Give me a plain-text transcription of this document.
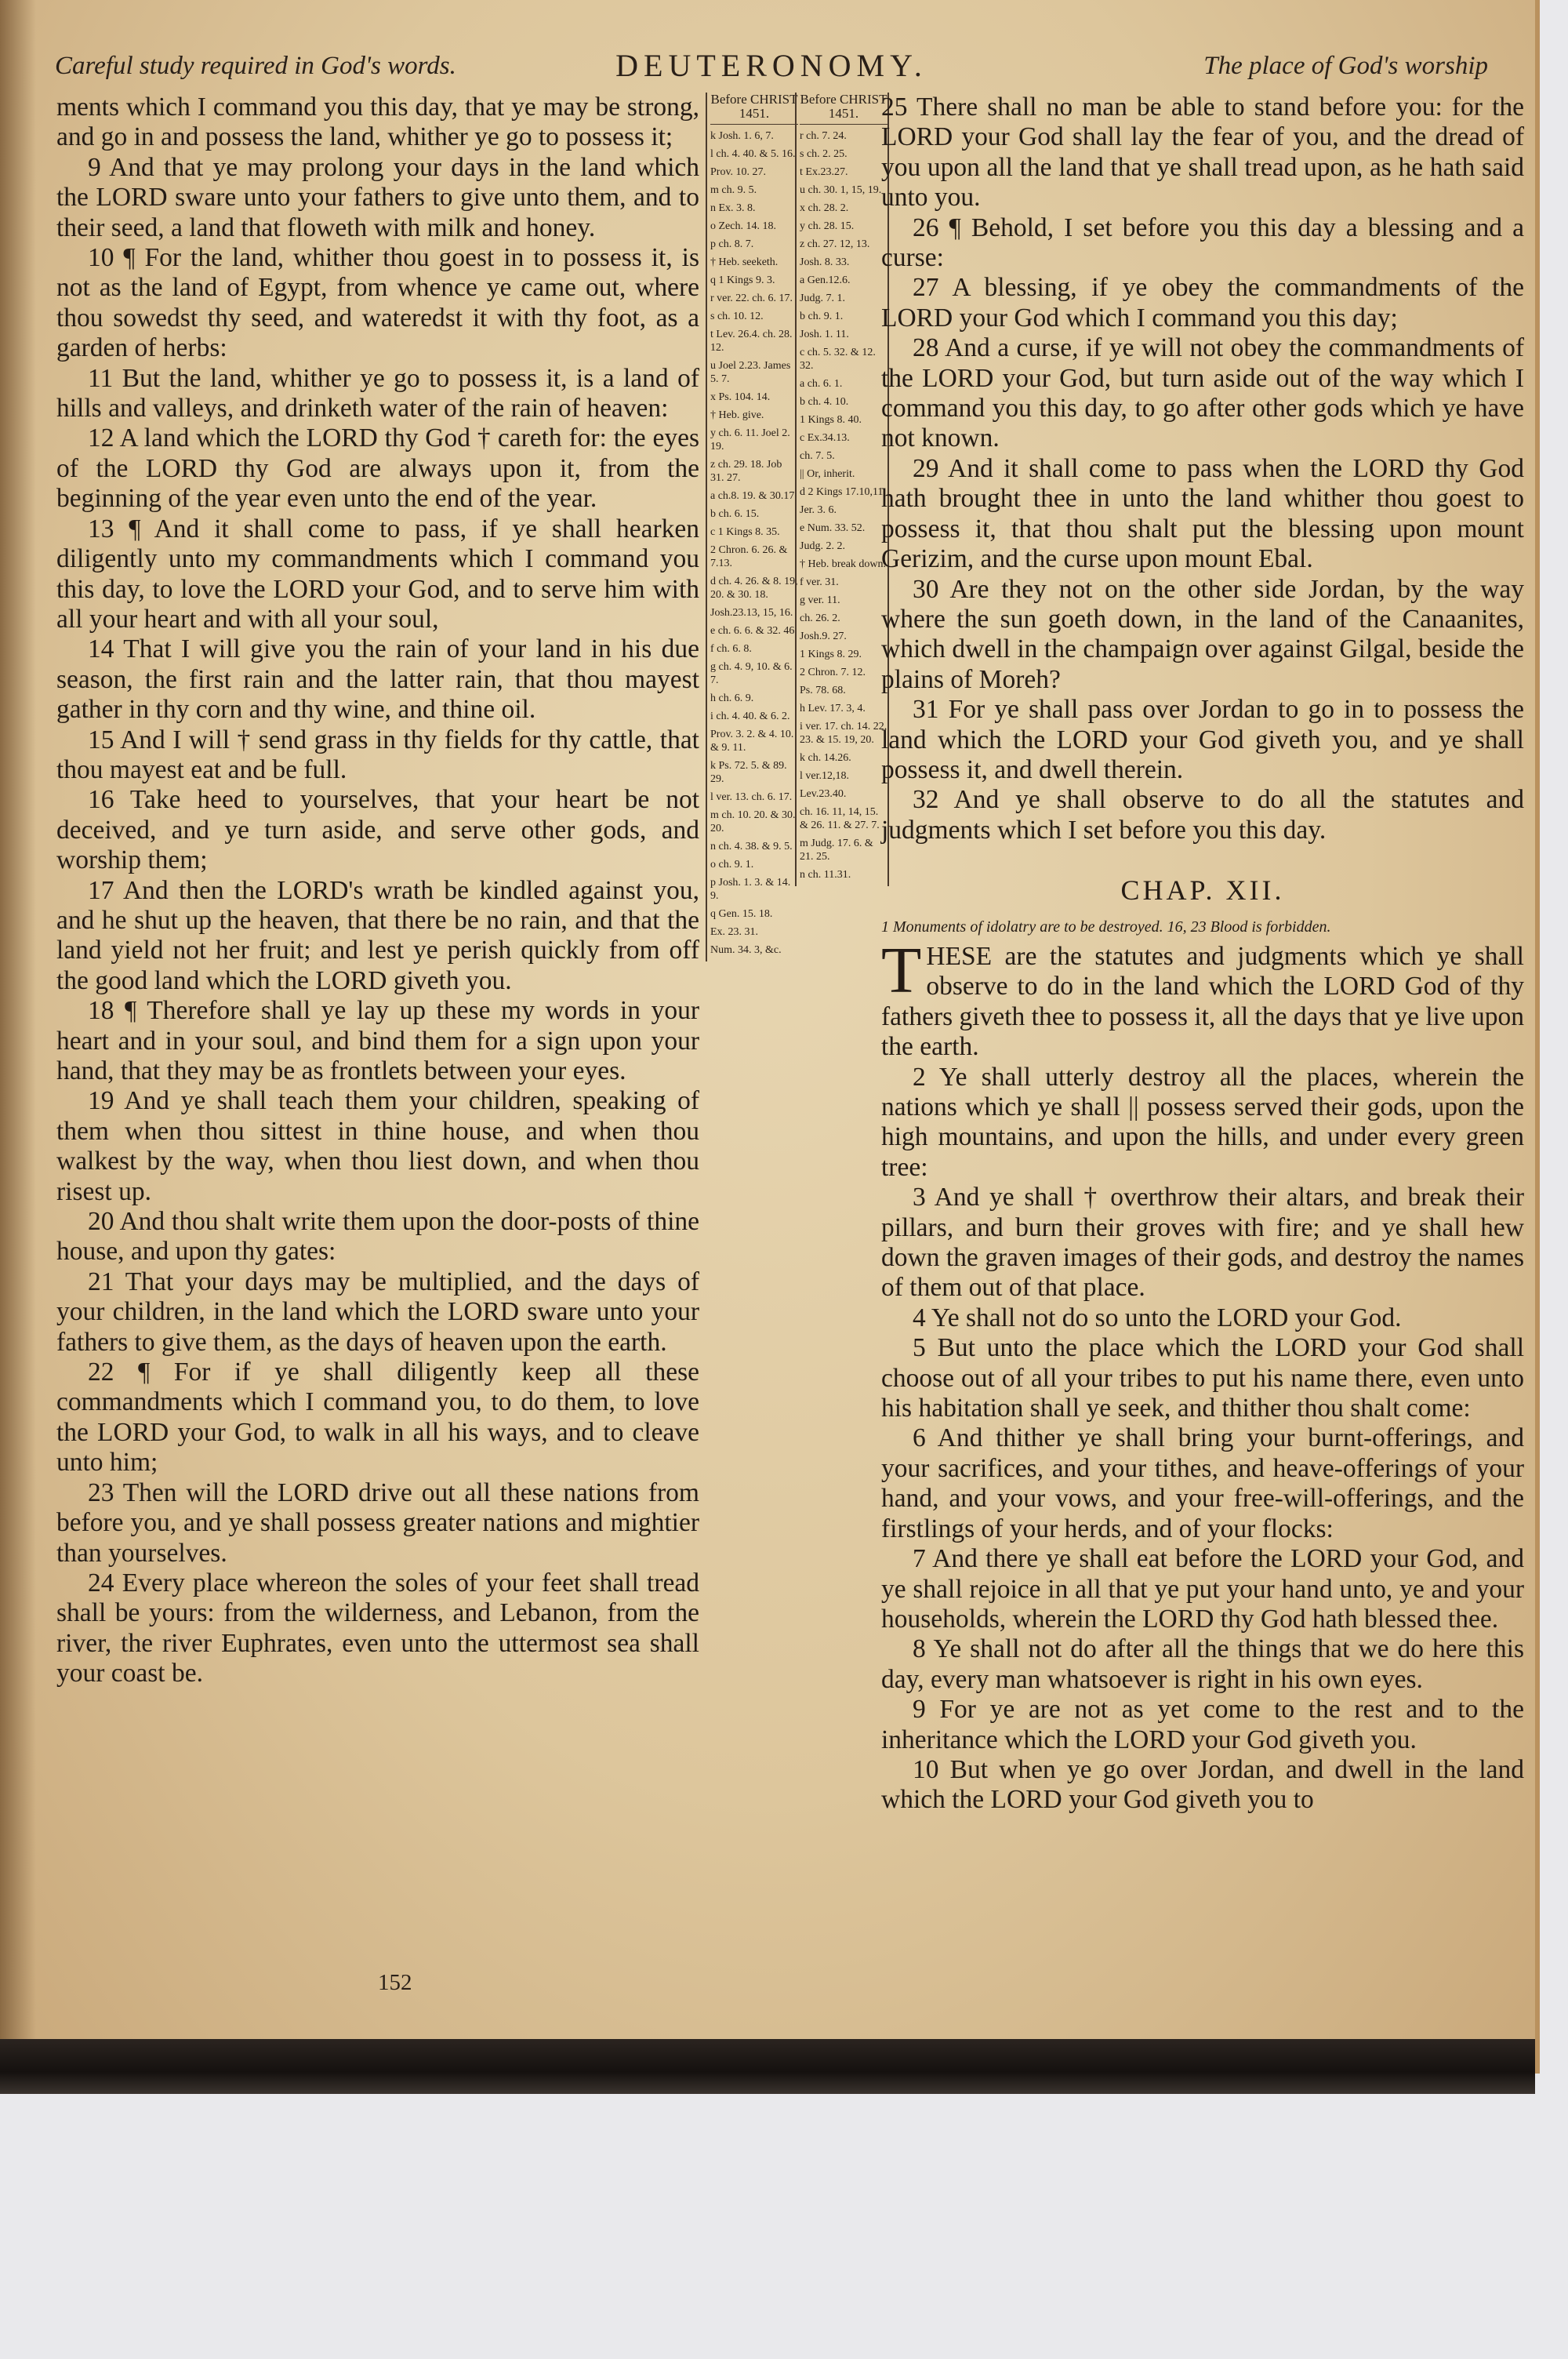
Careful study required in God's words.	DEUTERONOMY.	The place of God's worship

ments which I command you this day, that ye may be strong, and go in and possess the land, whither ye go to possess it;

9 And that ye may prolong your days in the land which the LORD sware unto your fathers to give unto them, and to their seed, a land that floweth with milk and honey.

10 ¶ For the land, whither thou goest in to possess it, is not as the land of Egypt, from whence ye came out, where thou sowedst thy seed, and wateredst it with thy foot, as a garden of herbs:

11 But the land, whither ye go to possess it, is a land of hills and valleys, and drinketh water of the rain of heaven:

12 A land which the LORD thy God † careth for: the eyes of the LORD thy God are always upon it, from the beginning of the year even unto the end of the year.

13 ¶ And it shall come to pass, if ye shall hearken diligently unto my commandments which I command you this day, to love the LORD your God, and to serve him with all your heart and with all your soul,

14 That I will give you the rain of your land in his due season, the first rain and the latter rain, that thou mayest gather in thy corn and thy wine, and thine oil.

15 And I will † send grass in thy fields for thy cattle, that thou mayest eat and be full.

16 Take heed to yourselves, that your heart be not deceived, and ye turn aside, and serve other gods, and worship them;

17 And then the LORD's wrath be kindled against you, and he shut up the heaven, that there be no rain, and that the land yield not her fruit; and lest ye perish quickly from off the good land which the LORD giveth you.

18 ¶ Therefore shall ye lay up these my words in your heart and in your soul, and bind them for a sign upon your hand, that they may be as frontlets between your eyes.

19 And ye shall teach them your children, speaking of them when thou sittest in thine house, and when thou walkest by the way, when thou liest down, and when thou risest up.

20 And thou shalt write them upon the door-posts of thine house, and upon thy gates:

21 That your days may be multiplied, and the days of your children, in the land which the LORD sware unto your fathers to give them, as the days of heaven upon the earth.

22 ¶ For if ye shall diligently keep all these commandments which I command you, to do them, to love the LORD your God, to walk in all his ways, and to cleave unto him;

23 Then will the LORD drive out all these nations from before you, and ye shall possess greater nations and mightier than yourselves.

24 Every place whereon the soles of your feet shall tread shall be yours: from the wilderness, and Lebanon, from the river, the river Euphrates, even unto the uttermost sea shall your coast be.

Before CHRIST 1451.
k Josh. 1. 6, 7.
l ch. 4. 40. & 5. 16.
Prov. 10. 27.
m ch. 9. 5.
n Ex. 3. 8.
o Zech. 14. 18.
p ch. 8. 7.
† Heb. seeketh.
q 1 Kings 9. 3.
r ver. 22. ch. 6. 17.
s ch. 10. 12.
t Lev. 26.4. ch. 28. 12.
u Joel 2.23. James 5. 7.
x Ps. 104. 14.
† Heb. give.
y ch. 6. 11. Joel 2. 19.
z ch. 29. 18. Job 31. 27.
a ch.8. 19. & 30.17.
b ch. 6. 15.
c 1 Kings 8. 35.
2 Chron. 6. 26. & 7.13.
d ch. 4. 26. & 8. 19, 20. & 30. 18.
Josh.23.13, 15, 16.
e ch. 6. 6. & 32. 46.
f ch. 6. 8.
g ch. 4. 9, 10. & 6. 7.
h ch. 6. 9.
i ch. 4. 40. & 6. 2.
Prov. 3. 2. & 4. 10. & 9. 11.
k Ps. 72. 5. & 89. 29.
l ver. 13. ch. 6. 17.
m ch. 10. 20. & 30. 20.
n ch. 4. 38. & 9. 5.
o ch. 9. 1.
p Josh. 1. 3. & 14. 9.
q Gen. 15. 18.
Ex. 23. 31.
Num. 34. 3, &c.
Before CHRIST 1451.
r ch. 7. 24.
s ch. 2. 25.
t Ex.23.27.
u ch. 30. 1, 15, 19.
x ch. 28. 2.
y ch. 28. 15.
z ch. 27. 12, 13.
Josh. 8. 33.
a Gen.12.6.
Judg. 7. 1.
b ch. 9. 1.
Josh. 1. 11.
c ch. 5. 32. & 12. 32.
a ch. 6. 1.
b ch. 4. 10.
1 Kings 8. 40.
c Ex.34.13.
ch. 7. 5.
|| Or, inherit.
d 2 Kings 17.10,11.
Jer. 3. 6.
e Num. 33. 52.
Judg. 2. 2.
† Heb. break down.
f ver. 31.
g ver. 11.
ch. 26. 2.
Josh.9. 27.
1 Kings 8. 29.
2 Chron. 7. 12.
Ps. 78. 68.
h Lev. 17. 3, 4.
i ver. 17. ch. 14. 22, 23. & 15. 19, 20.
k ch. 14.26.
l ver.12,18.
Lev.23.40.
ch. 16. 11, 14, 15. & 26. 11. & 27. 7.
m Judg. 17. 6. & 21. 25.
n ch. 11.31.

25 There shall no man be able to stand before you: for the LORD your God shall lay the fear of you, and the dread of you upon all the land that ye shall tread upon, as he hath said unto you.

26 ¶ Behold, I set before you this day a blessing and a curse:

27 A blessing, if ye obey the commandments of the LORD your God which I command you this day;

28 And a curse, if ye will not obey the commandments of the LORD your God, but turn aside out of the way which I command you this day, to go after other gods which ye have not known.

29 And it shall come to pass when the LORD thy God hath brought thee in unto the land whither thou goest to possess it, that thou shalt put the blessing upon mount Gerizim, and the curse upon mount Ebal.

30 Are they not on the other side Jordan, by the way where the sun goeth down, in the land of the Canaanites, which dwell in the champaign over against Gilgal, beside the plains of Moreh?

31 For ye shall pass over Jordan to go in to possess the land which the LORD your God giveth you, and ye shall possess it, and dwell therein.

32 And ye shall observe to do all the statutes and judgments which I set before you this day.

CHAP. XII.

1 Monuments of idolatry are to be destroyed. 16, 23 Blood is forbidden.

THESE are the statutes and judgments which ye shall observe to do in the land which the LORD God of thy fathers giveth thee to possess it, all the days that ye live upon the earth.

2 Ye shall utterly destroy all the places, wherein the nations which ye shall || possess served their gods, upon the high mountains, and upon the hills, and under every green tree:

3 And ye shall † overthrow their altars, and break their pillars, and burn their groves with fire; and ye shall hew down the graven images of their gods, and destroy the names of them out of that place.

4 Ye shall not do so unto the LORD your God.

5 But unto the place which the LORD your God shall choose out of all your tribes to put his name there, even unto his habitation shall ye seek, and thither thou shalt come:

6 And thither ye shall bring your burnt-offerings, and your sacrifices, and your tithes, and heave-offerings of your hand, and your vows, and your free-will-offerings, and the firstlings of your herds, and of your flocks:

7 And there ye shall eat before the LORD your God, and ye shall rejoice in all that ye put your hand unto, ye and your households, wherein the LORD thy God hath blessed thee.

8 Ye shall not do after all the things that we do here this day, every man whatsoever is right in his own eyes.

9 For ye are not as yet come to the rest and to the inheritance which the LORD your God giveth you.

10 But when ye go over Jordan, and dwell in the land which the LORD your God giveth you to

152
